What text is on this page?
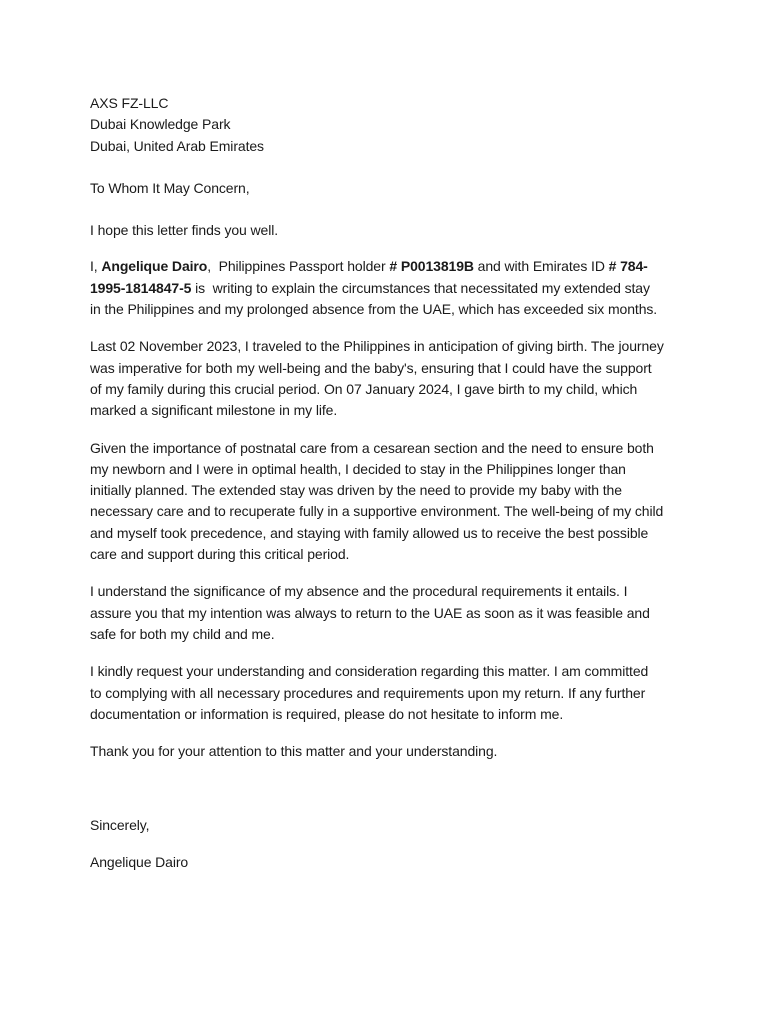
AXS FZ-LLC
Dubai Knowledge Park
Dubai, United Arab Emirates
To Whom It May Concern,
I hope this letter finds you well.
I, Angelique Dairo,  Philippines Passport holder # P0013819B and with Emirates ID # 784-
1995-1814847-5 is  writing to explain the circumstances that necessitated my extended stay
in the Philippines and my prolonged absence from the UAE, which has exceeded six months.
Last 02 November 2023, I traveled to the Philippines in anticipation of giving birth. The journey
was imperative for both my well-being and the baby's, ensuring that I could have the support
of my family during this crucial period. On 07 January 2024, I gave birth to my child, which
marked a significant milestone in my life.
Given the importance of postnatal care from a cesarean section and the need to ensure both
my newborn and I were in optimal health, I decided to stay in the Philippines longer than
initially planned. The extended stay was driven by the need to provide my baby with the
necessary care and to recuperate fully in a supportive environment. The well-being of my child
and myself took precedence, and staying with family allowed us to receive the best possible
care and support during this critical period.
I understand the significance of my absence and the procedural requirements it entails. I
assure you that my intention was always to return to the UAE as soon as it was feasible and
safe for both my child and me.
I kindly request your understanding and consideration regarding this matter. I am committed
to complying with all necessary procedures and requirements upon my return. If any further
documentation or information is required, please do not hesitate to inform me.
Thank you for your attention to this matter and your understanding.
Sincerely,
Angelique Dairo
